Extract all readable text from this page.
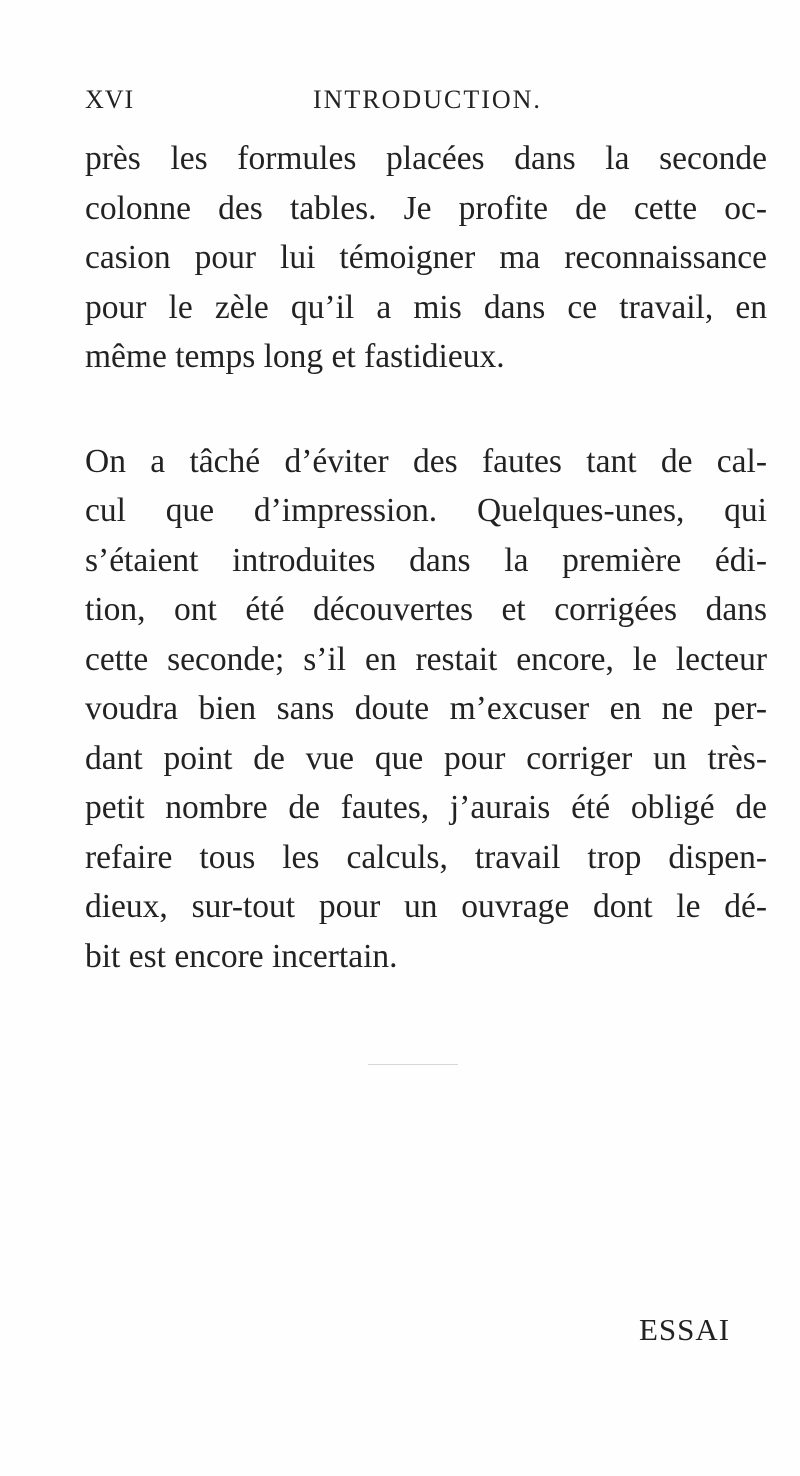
XVI	INTRODUCTION.
près les formules placées dans la seconde
colonne des tables. Je profite de cette oc-
casion pour lui témoigner ma reconnaissance
pour le zèle qu’il a mis dans ce travail, en
même temps long et fastidieux.
On a tâché d’éviter des fautes tant de cal-
cul que d’impression. Quelques-unes, qui
s’étaient introduites dans la première édi-
tion, ont été découvertes et corrigées dans
cette seconde; s’il en restait encore, le lecteur
voudra bien sans doute m’excuser en ne per-
dant point de vue que pour corriger un très-
petit nombre de fautes, j’aurais été obligé de
refaire tous les calculs, travail trop dispen-
dieux, sur-tout pour un ouvrage dont le dé-
bit est encore incertain.
ESSAI
